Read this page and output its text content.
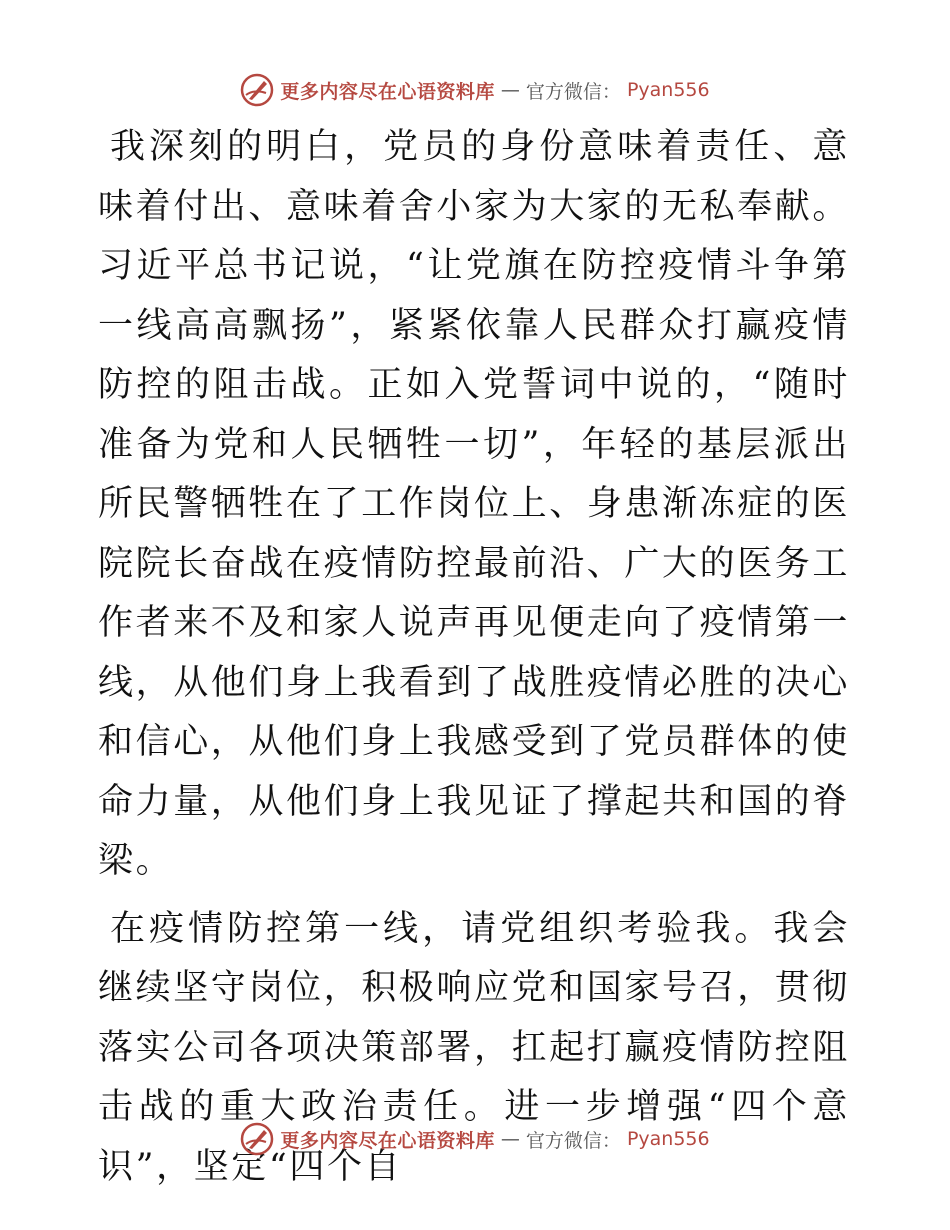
更多内容尽在心语资料库 — 官方微信： Pyan556

我深刻的明白，党员的身份意味着责任、意味着付出、意味着舍小家为大家的无私奉献。习近平总书记说，“让党旗在防控疫情斗争第一线高高飘扬”，紧紧依靠人民群众打赢疫情防控的阻击战。正如入党誓词中说的，“随时准备为党和人民牺牲一切”，年轻的基层派出所民警牺牲在了工作岗位上、身患渐冻症的医院院长奋战在疫情防控最前沿、广大的医务工作者来不及和家人说声再见便走向了疫情第一线，从他们身上我看到了战胜疫情必胜的决心和信心，从他们身上我感受到了党员群体的使命力量，从他们身上我见证了撑起共和国的脊梁。

在疫情防控第一线，请党组织考验我。我会继续坚守岗位，积极响应党和国家号召，贯彻落实公司各项决策部署，扛起打赢疫情防控阻击战的重大政治责任。进一步增强“四个意识”，坚定“四个自

更多内容尽在心语资料库 — 官方微信： Pyan556
